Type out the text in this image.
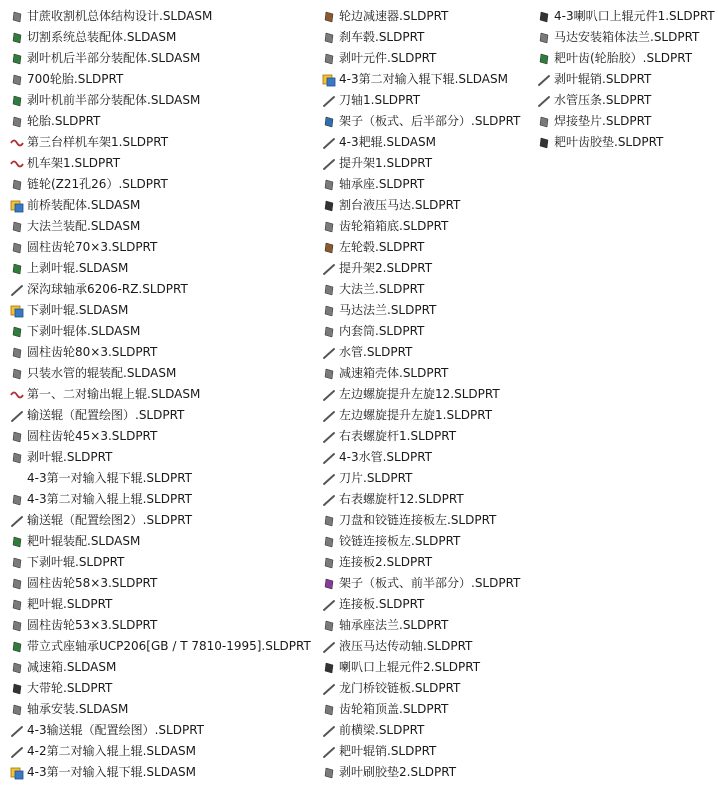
甘蔗收割机总体结构设计.SLDASM
切割系统总装配体.SLDASM
剥叶机后半部分装配体.SLDASM
700轮胎.SLDPRT
剥叶机前半部分装配体.SLDASM
轮胎.SLDPRT
第三台样机车架1.SLDPRT
机车架1.SLDPRT
链轮(Z21孔26）.SLDPRT
前桥装配体.SLDASM
大法兰装配.SLDASM
圆柱齿轮70×3.SLDPRT
上剥叶辊.SLDASM
深沟球轴承6206-RZ.SLDPRT
下剥叶辊.SLDASM
下剥叶辊体.SLDASM
圆柱齿轮80×3.SLDPRT
只装水管的辊装配.SLDASM
第一、二对输出辊上辊.SLDASM
输送辊（配置绘图）.SLDPRT
圆柱齿轮45×3.SLDPRT
剥叶辊.SLDPRT
4-3第一对输入辊下辊.SLDPRT
4-3第二对输入辊上辊.SLDPRT
输送辊（配置绘图2）.SLDPRT
耙叶辊装配.SLDASM
下剥叶辊.SLDPRT
圆柱齿轮58×3.SLDPRT
耙叶辊.SLDPRT
圆柱齿轮53×3.SLDPRT
带立式座轴承UCP206[GB / T 7810-1995].SLDPRT
减速箱.SLDASM
大带轮.SLDPRT
轴承安装.SLDASM
4-3输送辊（配置绘图）.SLDPRT
4-2第二对输入辊上辊.SLDASM
4-3第一对输入辊下辊.SLDASM
轮边减速器.SLDPRT
刹车毂.SLDPRT
剥叶元件.SLDPRT
4-3第二对输入辊下辊.SLDASM
刀轴1.SLDPRT
架子（板式、后半部分）.SLDPRT
4-3耙辊.SLDASM
提升架1.SLDPRT
轴承座.SLDPRT
割台液压马达.SLDPRT
齿轮箱箱底.SLDPRT
左轮毂.SLDPRT
提升架2.SLDPRT
大法兰.SLDPRT
马达法兰.SLDPRT
内套筒.SLDPRT
水管.SLDPRT
减速箱壳体.SLDPRT
左边螺旋提升左旋12.SLDPRT
左边螺旋提升左旋1.SLDPRT
右表螺旋杆1.SLDPRT
4-3水管.SLDPRT
刀片.SLDPRT
右表螺旋杆12.SLDPRT
刀盘和铰链连接板左.SLDPRT
铰链连接板左.SLDPRT
连接板2.SLDPRT
架子（板式、前半部分）.SLDPRT
连接板.SLDPRT
轴承座法兰.SLDPRT
液压马达传动轴.SLDPRT
喇叭口上辊元件2.SLDPRT
龙门桥铰链板.SLDPRT
齿轮箱顶盖.SLDPRT
前横梁.SLDPRT
耙叶辊销.SLDPRT
剥叶刷胶垫2.SLDPRT
4-3喇叭口上辊元件1.SLDPRT
马达安装箱体法兰.SLDPRT
耙叶齿(轮胎胶）.SLDPRT
剥叶辊销.SLDPRT
水管压条.SLDPRT
焊接垫片.SLDPRT
耙叶齿胶垫.SLDPRT
